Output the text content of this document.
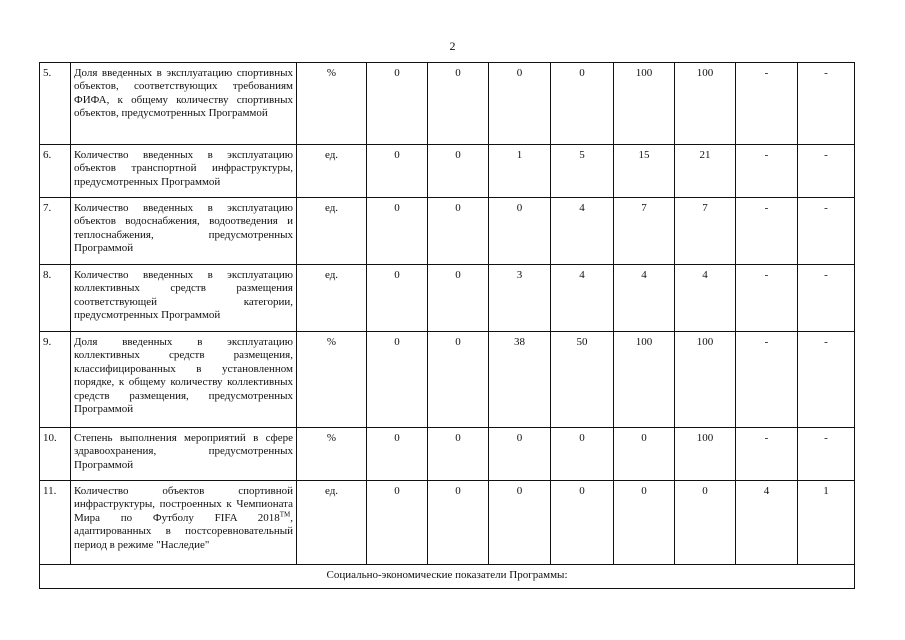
2
5.	Доля введенных в эксплуатацию спортивных объектов, соответствующих требованиям ФИФА, к общему количеству спортивных объектов, предусмотренных Программой	%	0	0	0	0	100	100	-	-
6.	Количество введенных в эксплуатацию объектов транспортной инфраструктуры, предусмотренных Программой	ед.	0	0	1	5	15	21	-	-
7.	Количество введенных в эксплуатацию объектов водоснабжения, водоотведения и теплоснабжения, предусмотренных Программой	ед.	0	0	0	4	7	7	-	-
8.	Количество введенных в эксплуатацию коллективных средств размещения соответствующей категории, предусмотренных Программой	ед.	0	0	3	4	4	4	-	-
9.	Доля введенных в эксплуатацию коллективных средств размещения, классифицированных в установленном порядке, к общему количеству коллективных средств размещения, предусмотренных Программой	%	0	0	38	50	100	100	-	-
10.	Степень выполнения мероприятий в сфере здравоохранения, предусмотренных Программой	%	0	0	0	0	0	100	-	-
11.	Количество объектов спортивной инфраструктуры, построенных к Чемпионата Мира по Футболу FIFA 2018™, адаптированных в постсоревновательный период в режиме "Наследие"	ед.	0	0	0	0	0	0	4	1
Социально-экономические показатели Программы:										
